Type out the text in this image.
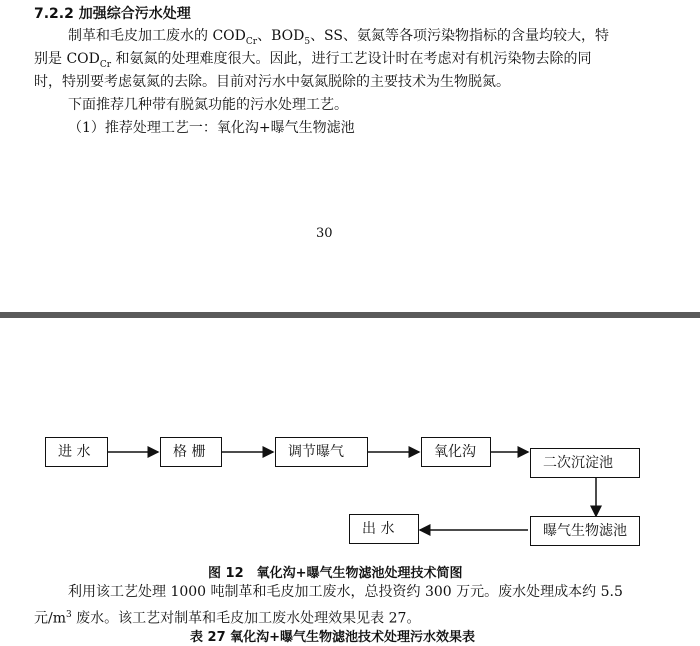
7.2.2 加强综合污水处理
制革和毛皮加工废水的 $COD_{Cr}$、$BOD_5$、SS、氨氮等各项污染物指标的含量均较大，特
别是 $COD_{Cr}$ 和氨氮的处理难度很大。因此，进行工艺设计时在考虑对有机污染物去除的同
时，特别要考虑氨氮的去除。目前对污水中氨氮脱除的主要技术为生物脱氮。
下面推荐几种带有脱氮功能的污水处理工艺。
（1）推荐处理工艺一：氧化沟+曝气生物滤池
30
进 水	格 栅	调节曝气	氧化沟
二次沉淀池
曝气生物滤池
出 水
图 12　氧化沟+曝气生物滤池处理技术简图
利用该工艺处理 1000 吨制革和毛皮加工废水，总投资约 300 万元。废水处理成本约 5.5
元$/m^3$ 废水。该工艺对制革和毛皮加工废水处理效果见表 27。
表 27 氧化沟+曝气生物滤池技术处理污水效果表
